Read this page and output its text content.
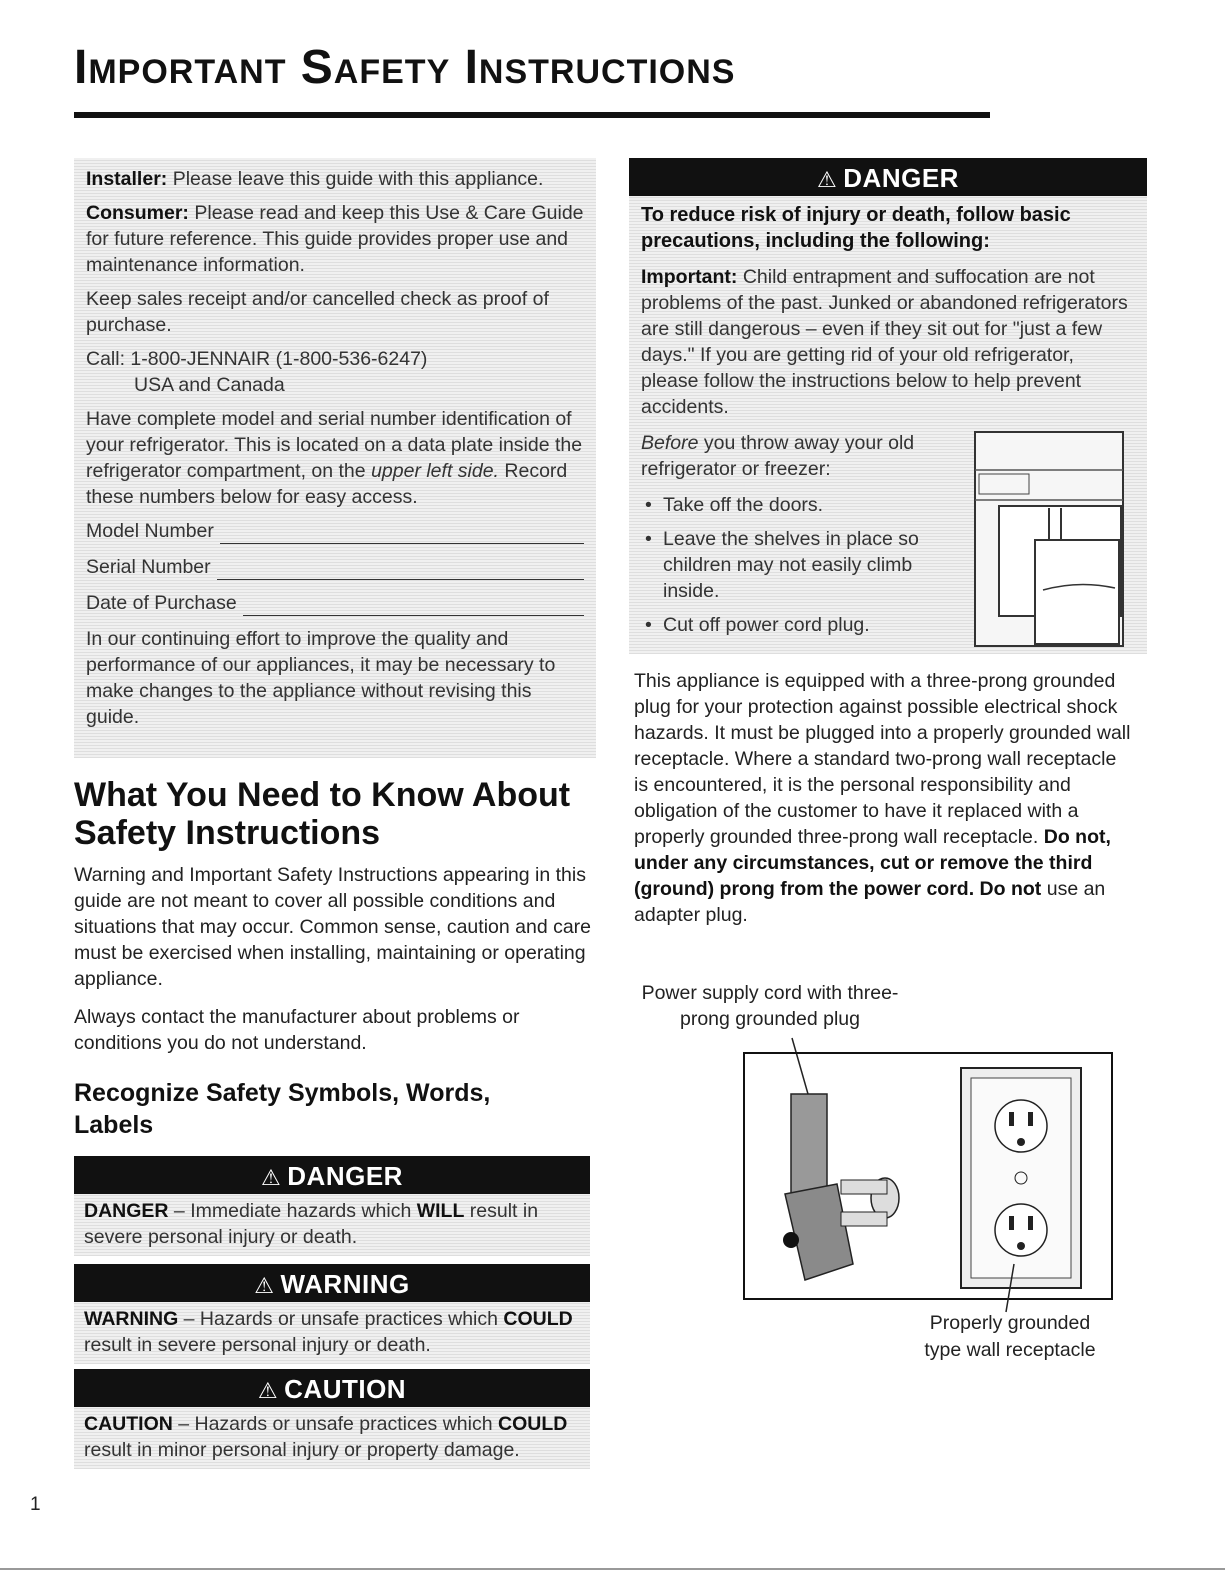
Important Safety Instructions

Installer: Please leave this guide with this appliance.

Consumer: Please read and keep this Use & Care Guide for future reference. This guide provides proper use and maintenance information.

Keep sales receipt and/or cancelled check as proof of purchase.

Call: 1-800-JENNAIR (1-800-536-6247)

USA and Canada

Have complete model and serial number identification of your refrigerator. This is located on a data plate inside the refrigerator compartment, on the upper left side. Record these numbers below for easy access.

Model Number
Serial Number
Date of Purchase

In our continuing effort to improve the quality and performance of our appliances, it may be necessary to make changes to the appliance without revising this guide.

What You Need to Know About Safety Instructions

Warning and Important Safety Instructions appearing in this guide are not meant to cover all possible conditions and situations that may occur. Common sense, caution and care must be exercised when installing, maintaining or operating appliance.

Always contact the manufacturer about problems or conditions you do not understand.

Recognize Safety Symbols, Words, Labels
⚠ DANGER
DANGER – Immediate hazards which WILL result in severe personal injury or death.
⚠ WARNING
WARNING – Hazards or unsafe practices which COULD result in severe personal injury or death.
⚠ CAUTION
CAUTION – Hazards or unsafe practices which COULD result in minor personal injury or property damage.
⚠ DANGER

To reduce risk of injury or death, follow basic precautions, including the following:

Important: Child entrapment and suffocation are not problems of the past. Junked or abandoned refrigerators are still dangerous – even if they sit out for "just a few days." If you are getting rid of your old refrigerator, please follow the instructions below to help prevent accidents.

Before you throw away your old refrigerator or freezer:

• Take off the doors.
• Leave the shelves in place so children may not easily climb inside.
• Cut off power cord plug.

This appliance is equipped with a three-prong grounded plug for your protection against possible electrical shock hazards. It must be plugged into a properly grounded wall receptacle. Where a standard two-prong wall receptacle is encountered, it is the personal responsibility and obligation of the customer to have it replaced with a properly grounded three-prong wall receptacle. Do not, under any circumstances, cut or remove the third (ground) prong from the power cord. Do not use an adapter plug.

Power supply cord with three-prong grounded plug
Properly grounded type wall receptacle
1
